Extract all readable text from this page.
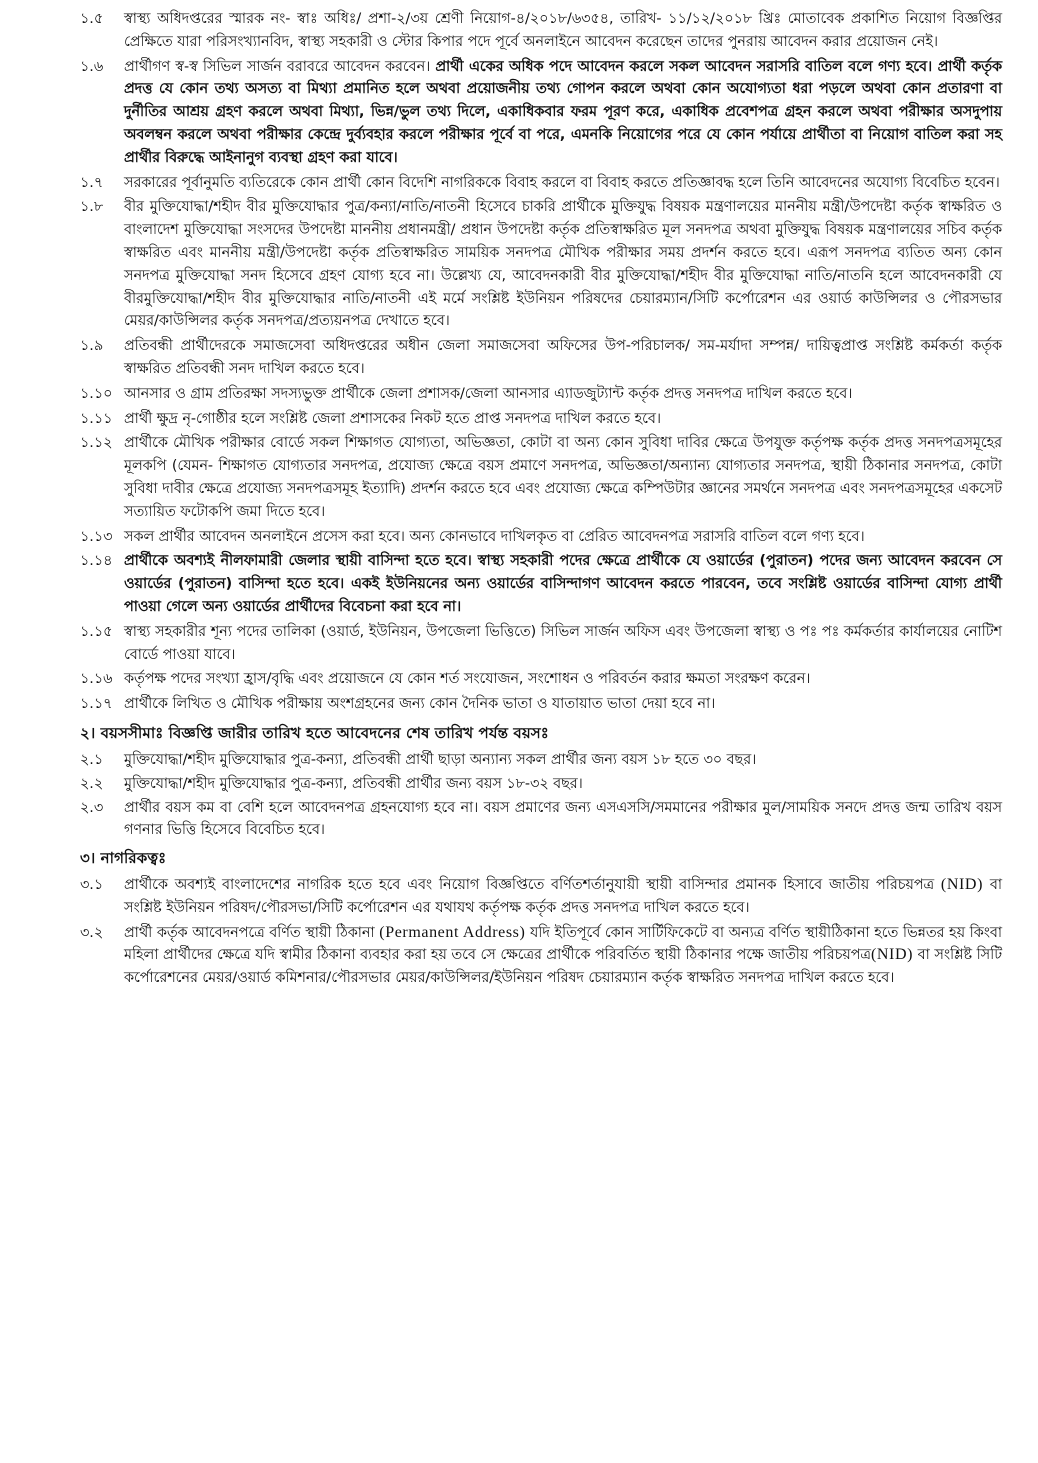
১.৫ স্বাস্থ্য অধিদপ্তরের স্মারক নং- স্বাঃ অধিঃ/ প্রশা-২/৩য় শ্রেণী নিয়োগ-৪/২০১৮/৬৩৫৪, তারিখ- ১১/১২/২০১৮ খ্রিঃ মোতাবেক প্রকাশিত নিয়োগ বিজ্ঞপ্তির প্রেক্ষিতে যারা পরিসংখ্যানবিদ, স্বাস্থ্য সহকারী ও স্টোর কিপার পদে পূর্বে অনলাইনে আবেদন করেছেন তাদের পুনরায় আবেদন করার প্রয়োজন নেই।
১.৬ প্রার্থীগণ স্ব-স্ব সিভিল সার্জন বরাবরে আবেদন করবেন। প্রার্থী একের অধিক পদে আবেদন করলে সকল আবেদন সরাসরি বাতিল বলে গণ্য হবে। প্রার্থী কর্তৃক প্রদত্ত যে কোন তথ্য অসত্য বা মিথ্যা প্রমানিত হলে অথবা প্রয়োজনীয় তথ্য গোপন করলে অথবা কোন অযোগ্যতা ধরা পড়লে অথবা কোন প্রতারণা বা দুর্নীতির আশ্রয় গ্রহণ করলে অথবা মিথ্যা, ভিন্ন/ভুল তথ্য দিলে, একাধিকবার ফরম পূরণ করে, একাধিক প্রবেশপত্র গ্রহন করলে অথবা পরীক্ষার অসদুপায় অবলম্বন করলে অথবা পরীক্ষার কেন্দ্রে দুর্ব্যবহার করলে পরীক্ষার পূর্বে বা পরে, এমনকি নিয়োগের পরে যে কোন পর্যায়ে প্রার্থীতা বা নিয়োগ বাতিল করা সহ প্রার্থীর বিরুদ্ধে আইনানুগ ব্যবস্থা গ্রহণ করা যাবে।
১.৭ সরকারের পূর্বানুমতি ব্যতিরেকে কোন প্রার্থী কোন বিদেশি নাগরিককে বিবাহ করলে বা বিবাহ করতে প্রতিজ্ঞাবদ্ধ হলে তিনি আবেদনের অযোগ্য বিবেচিত হবেন।
১.৮ বীর মুক্তিযোদ্ধা/শহীদ বীর মুক্তিযোদ্ধার পুত্র/কন্যা/নাতি/নাতনী হিসেবে চাকরি প্রার্থীকে মুক্তিযুদ্ধ বিষয়ক মন্ত্রণালয়ের মাননীয় মন্ত্রী/উপদেষ্টা কর্তৃক স্বাক্ষরিত ও বাংলাদেশ মুক্তিযোদ্ধা সংসদের উপদেষ্টা মাননীয় প্রধানমন্ত্রী/ প্রধান উপদেষ্টা কর্তৃক প্রতিস্বাক্ষরিত মূল সনদপত্র অথবা মুক্তিযুদ্ধ বিষয়ক মন্ত্রণালয়ের সচিব কর্তৃক স্বাক্ষরিত এবং মাননীয় মন্ত্রী/উপদেষ্টা কর্তৃক প্রতিস্বাক্ষরিত সাময়িক সনদপত্র মৌখিক পরীক্ষার সময় প্রদর্শন করতে হবে। এরূপ সনদপত্র ব্যতিত অন্য কোন সনদপত্র মুক্তিযোদ্ধা সনদ হিসেবে গ্রহণ যোগ্য হবে না। উল্লেখ্য যে, আবেদনকারী বীর মুক্তিযোদ্ধা/শহীদ বীর মুক্তিযোদ্ধা নাতি/নাতনি হলে আবেদনকারী যে বীরমুক্তিযোদ্ধা/শহীদ বীর মুক্তিযোদ্ধার নাতি/নাতনী এই মর্মে সংশ্লিষ্ট ইউনিয়ন পরিষদের চেয়ারম্যান/সিটি কর্পোরেশন এর ওয়ার্ড কাউন্সিলর ও পৌরসভার মেয়র/কাউন্সিলর কর্তৃক সনদপত্র/প্রত্যয়নপত্র দেখাতে হবে।
১.৯ প্রতিবন্ধী প্রার্থীদেরকে সমাজসেবা অধিদপ্তরের অধীন জেলা সমাজসেবা অফিসের উপ-পরিচালক/ সম-মর্যাদা সম্পন্ন/ দায়িত্বপ্রাপ্ত সংশ্লিষ্ট কর্মকর্তা কর্তৃক স্বাক্ষরিত প্রতিবন্ধী সনদ দাখিল করতে হবে।
১.১০ আনসার ও গ্রাম প্রতিরক্ষা সদস্যভুক্ত প্রার্থীকে জেলা প্রশাসক/জেলা আনসার এ্যাডজুট্যান্ট কর্তৃক প্রদত্ত সনদপত্র দাখিল করতে হবে।
১.১১ প্রার্থী ক্ষুদ্র নৃ-গোষ্ঠীর হলে সংশ্লিষ্ট জেলা প্রশাসকের নিকট হতে প্রাপ্ত সনদপত্র দাখিল করতে হবে।
১.১২ প্রার্থীকে মৌখিক পরীক্ষার বোর্ডে সকল শিক্ষাগত যোগ্যতা, অভিজ্ঞতা, কোটা বা অন্য কোন সুবিধা দাবির ক্ষেত্রে উপযুক্ত কর্তৃপক্ষ কর্তৃক প্রদত্ত সনদপত্রসমূহের মূলকপি (যেমন- শিক্ষাগত যোগ্যতার সনদপত্র, প্রযোজ্য ক্ষেত্রে বয়স প্রমাণে সনদপত্র, অভিজ্ঞতা/অন্যান্য যোগ্যতার সনদপত্র, স্থায়ী ঠিকানার সনদপত্র, কোটা সুবিধা দাবীর ক্ষেত্রে প্রযোজ্য সনদপত্রসমূহ ইত্যাদি) প্রদর্শন করতে হবে এবং প্রযোজ্য ক্ষেত্রে কম্পিউটার জ্ঞানের সমর্থনে সনদপত্র এবং সনদপত্রসমূহের একসেট সত্যায়িত ফটোকপি জমা দিতে হবে।
১.১৩ সকল প্রার্থীর আবেদন অনলাইনে প্রসেস করা হবে। অন্য কোনভাবে দাখিলকৃত বা প্রেরিত আবেদনপত্র সরাসরি বাতিল বলে গণ্য হবে।
১.১৪ প্রার্থীকে অবশ্যই নীলফামারী জেলার স্থায়ী বাসিন্দা হতে হবে। স্বাস্থ্য সহকারী পদের ক্ষেত্রে প্রার্থীকে যে ওয়ার্ডের (পুরাতন) পদের জন্য আবেদন করবেন সে ওয়ার্ডের (পুরাতন) বাসিন্দা হতে হবে। একই ইউনিয়নের অন্য ওয়ার্ডের বাসিন্দাগণ আবেদন করতে পারবেন, তবে সংশ্লিষ্ট ওয়ার্ডের বাসিন্দা যোগ্য প্রার্থী পাওয়া গেলে অন্য ওয়ার্ডের প্রার্থীদের বিবেচনা করা হবে না।
১.১৫ স্বাস্থ্য সহকারীর শূন্য পদের তালিকা (ওয়ার্ড, ইউনিয়ন, উপজেলা ভিত্তিতে) সিভিল সার্জন অফিস এবং উপজেলা স্বাস্থ্য ও পঃ পঃ কর্মকর্তার কার্যালয়ের নোটিশ বোর্ডে পাওয়া যাবে।
১.১৬ কর্তৃপক্ষ পদের সংখ্যা হ্রাস/বৃদ্ধি এবং প্রয়োজনে যে কোন শর্ত সংযোজন, সংশোধন ও পরিবর্তন করার ক্ষমতা সংরক্ষণ করেন।
১.১৭ প্রার্থীকে লিখিত ও মৌখিক পরীক্ষায় অংশগ্রহনের জন্য কোন দৈনিক ভাতা ও যাতায়াত ভাতা দেয়া হবে না।
২। বয়সসীমাঃ বিজ্ঞপ্তি জারীর তারিখ হতে আবেদনের শেষ তারিখ পর্যন্ত বয়সঃ
২.১ মুক্তিযোদ্ধা/শহীদ মুক্তিযোদ্ধার পুত্র-কন্যা, প্রতিবন্ধী প্রার্থী ছাড়া অন্যান্য সকল প্রার্থীর জন্য বয়স ১৮ হতে ৩০ বছর।
২.২ মুক্তিযোদ্ধা/শহীদ মুক্তিযোদ্ধার পুত্র-কন্যা, প্রতিবন্ধী প্রার্থীর জন্য বয়স ১৮-৩২ বছর।
২.৩ প্রার্থীর বয়স কম বা বেশি হলে আবেদনপত্র গ্রহনযোগ্য হবে না। বয়স প্রমাণের জন্য এসএসসি/সমমানের পরীক্ষার মুল/সাময়িক সনদে প্রদত্ত জন্ম তারিখ বয়স গণনার ভিত্তি হিসেবে বিবেচিত হবে।
৩। নাগরিকত্বঃ
৩.১ প্রার্থীকে অবশ্যই বাংলাদেশের নাগরিক হতে হবে এবং নিয়োগ বিজ্ঞপ্তিতে বর্ণিতশর্তানুযায়ী স্থায়ী বাসিন্দার প্রমানক হিসাবে জাতীয় পরিচয়পত্র (NID) বা সংশ্লিষ্ট ইউনিয়ন পরিষদ/পৌরসভা/সিটি কর্পোরেশন এর যথাযথ কর্তৃপক্ষ কর্তৃক প্রদত্ত সনদপত্র দাখিল করতে হবে।
৩.২ প্রার্থী কর্তৃক আবেদনপত্রে বর্ণিত স্থায়ী ঠিকানা (Permanent Address) যদি ইতিপূর্বে কোন সার্টিফিকেটে বা অন্যত্র বর্ণিত স্থায়ীঠিকানা হতে ভিন্নতর হয় কিংবা মহিলা প্রার্থীদের ক্ষেত্রে যদি স্বামীর ঠিকানা ব্যবহার করা হয় তবে সে ক্ষেত্রের প্রার্থীকে পরিবর্তিত স্থায়ী ঠিকানার পক্ষে জাতীয় পরিচয়পত্র(NID) বা সংশ্লিষ্ট সিটি কর্পোরেশনের মেয়র/ওয়ার্ড কমিশনার/পৌরসভার মেয়র/কাউন্সিলর/ইউনিয়ন পরিষদ চেয়ারম্যান কর্তৃক স্বাক্ষরিত সনদপত্র দাখিল করতে হবে।
